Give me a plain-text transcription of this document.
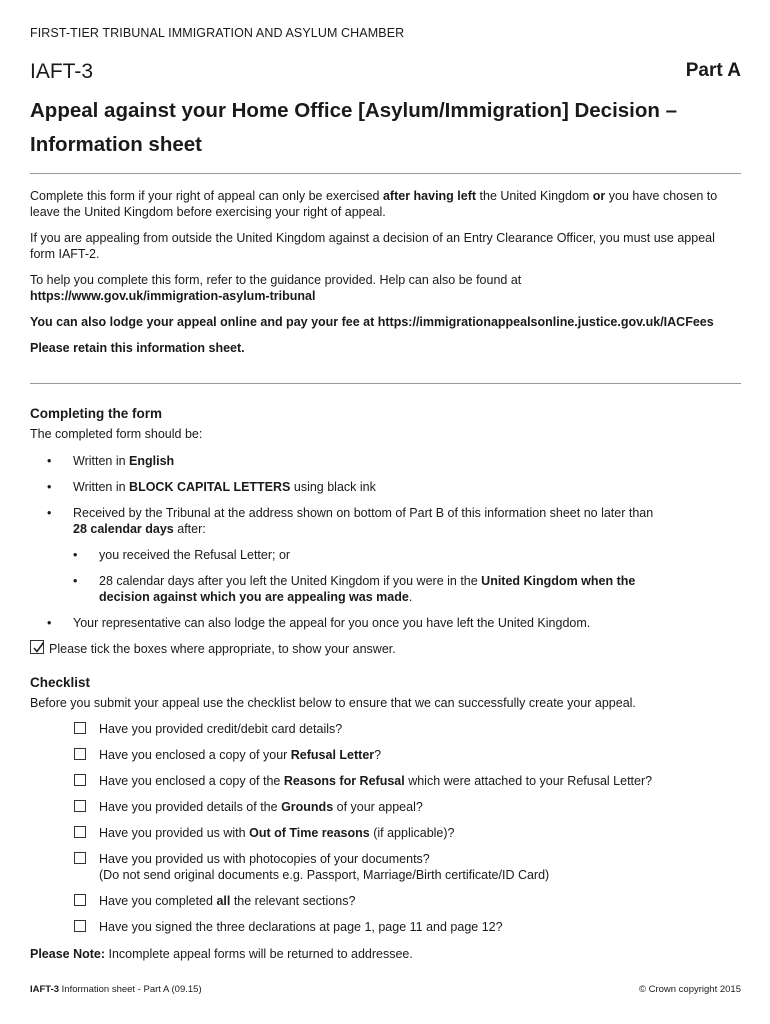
FIRST-TIER TRIBUNAL IMMIGRATION AND ASYLUM CHAMBER
IAFT-3	Part A
Appeal against your Home Office [Asylum/Immigration] Decision –
Information sheet
Complete this form if your right of appeal can only be exercised after having left the United Kingdom or you have chosen to leave the United Kingdom before exercising your right of appeal.
If you are appealing from outside the United Kingdom against a decision of an Entry Clearance Officer, you must use appeal form IAFT-2.
To help you complete this form, refer to the guidance provided. Help can also be found at
https://www.gov.uk/immigration-asylum-tribunal
You can also lodge your appeal online and pay your fee at https://immigrationappealsonline.justice.gov.uk/IACFees
Please retain this information sheet.
Completing the form
The completed form should be:
• Written in English
• Written in BLOCK CAPITAL LETTERS using black ink
• Received by the Tribunal at the address shown on bottom of Part B of this information sheet no later than
28 calendar days after:
• you received the Refusal Letter; or
• 28 calendar days after you left the United Kingdom if you were in the United Kingdom when the
decision against which you are appealing was made.
• Your representative can also lodge the appeal for you once you have left the United Kingdom.
Please tick the boxes where appropriate, to show your answer.
Checklist
Before you submit your appeal use the checklist below to ensure that we can successfully create your appeal.
Have you provided credit/debit card details?
Have you enclosed a copy of your Refusal Letter?
Have you enclosed a copy of the Reasons for Refusal which were attached to your Refusal Letter?
Have you provided details of the Grounds of your appeal?
Have you provided us with Out of Time reasons (if applicable)?
Have you provided us with photocopies of your documents?
(Do not send original documents e.g. Passport, Marriage/Birth certificate/ID Card)
Have you completed all the relevant sections?
Have you signed the three declarations at page 1, page 11 and page 12?
Please Note: Incomplete appeal forms will be returned to addressee.
IAFT-3 Information sheet - Part A (09.15)	© Crown copyright 2015
